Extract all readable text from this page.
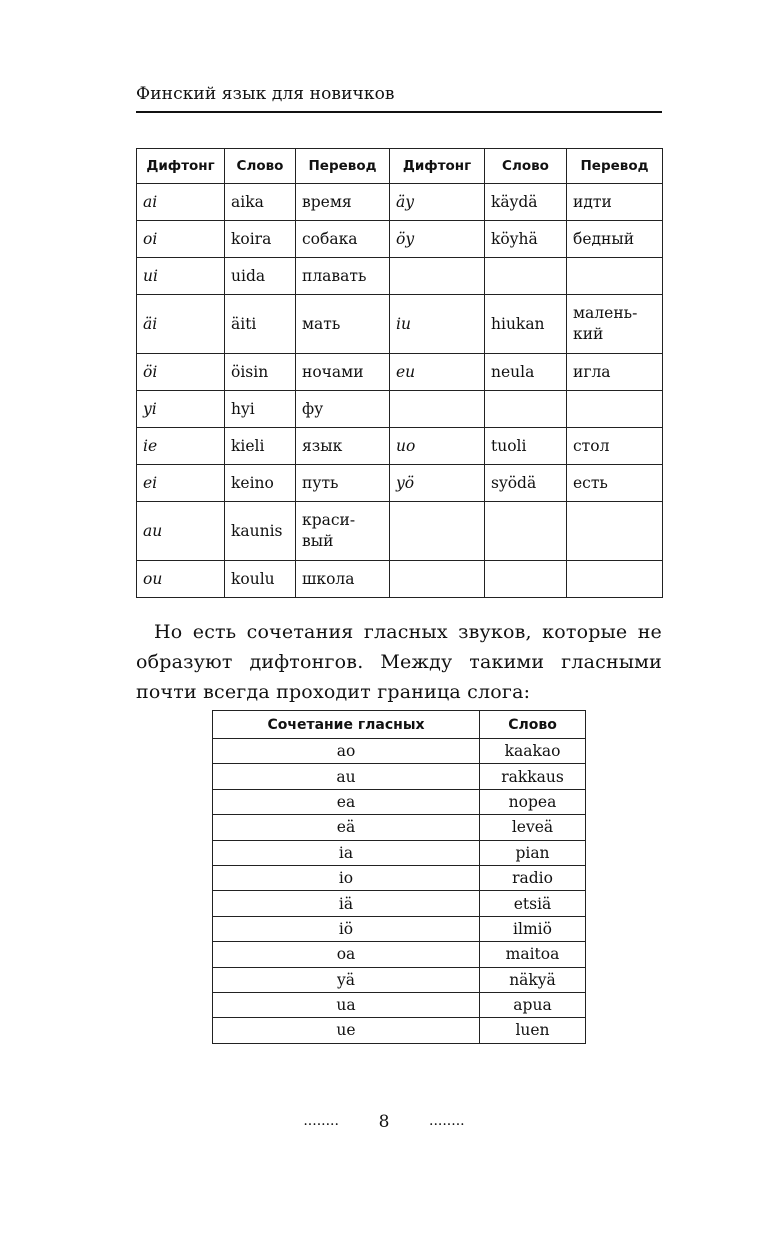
Финский язык для новичков
Дифтонг	Слово	Перевод	Дифтонг	Слово	Перевод
ai	aika	время	äy	käydä	идти
oi	koira	собака	öy	köyhä	бедный
ui	uida	плавать			
äi	äiti	мать	iu	hiukan	малень-
кий
öi	öisin	ночами	eu	neula	игла
yi	hyi	фу			
ie	kieli	язык	uo	tuoli	стол
ei	keino	путь	yö	syödä	есть
au	kaunis	краси-
вый			
ou	koulu	школа			
Но есть сочетания гласных звуков, которые не образуют дифтонгов. Между такими гласными почти всегда проходит граница слога:
Сочетание гласных	Слово
ao	kaakao
au	rakkaus
ea	nopea
eä	leveä
ia	pian
io	radio
iä	etsiä
iö	ilmiö
oa	maitoa
yä	näkyä
ua	apua
ue	luen
........ 8	........
